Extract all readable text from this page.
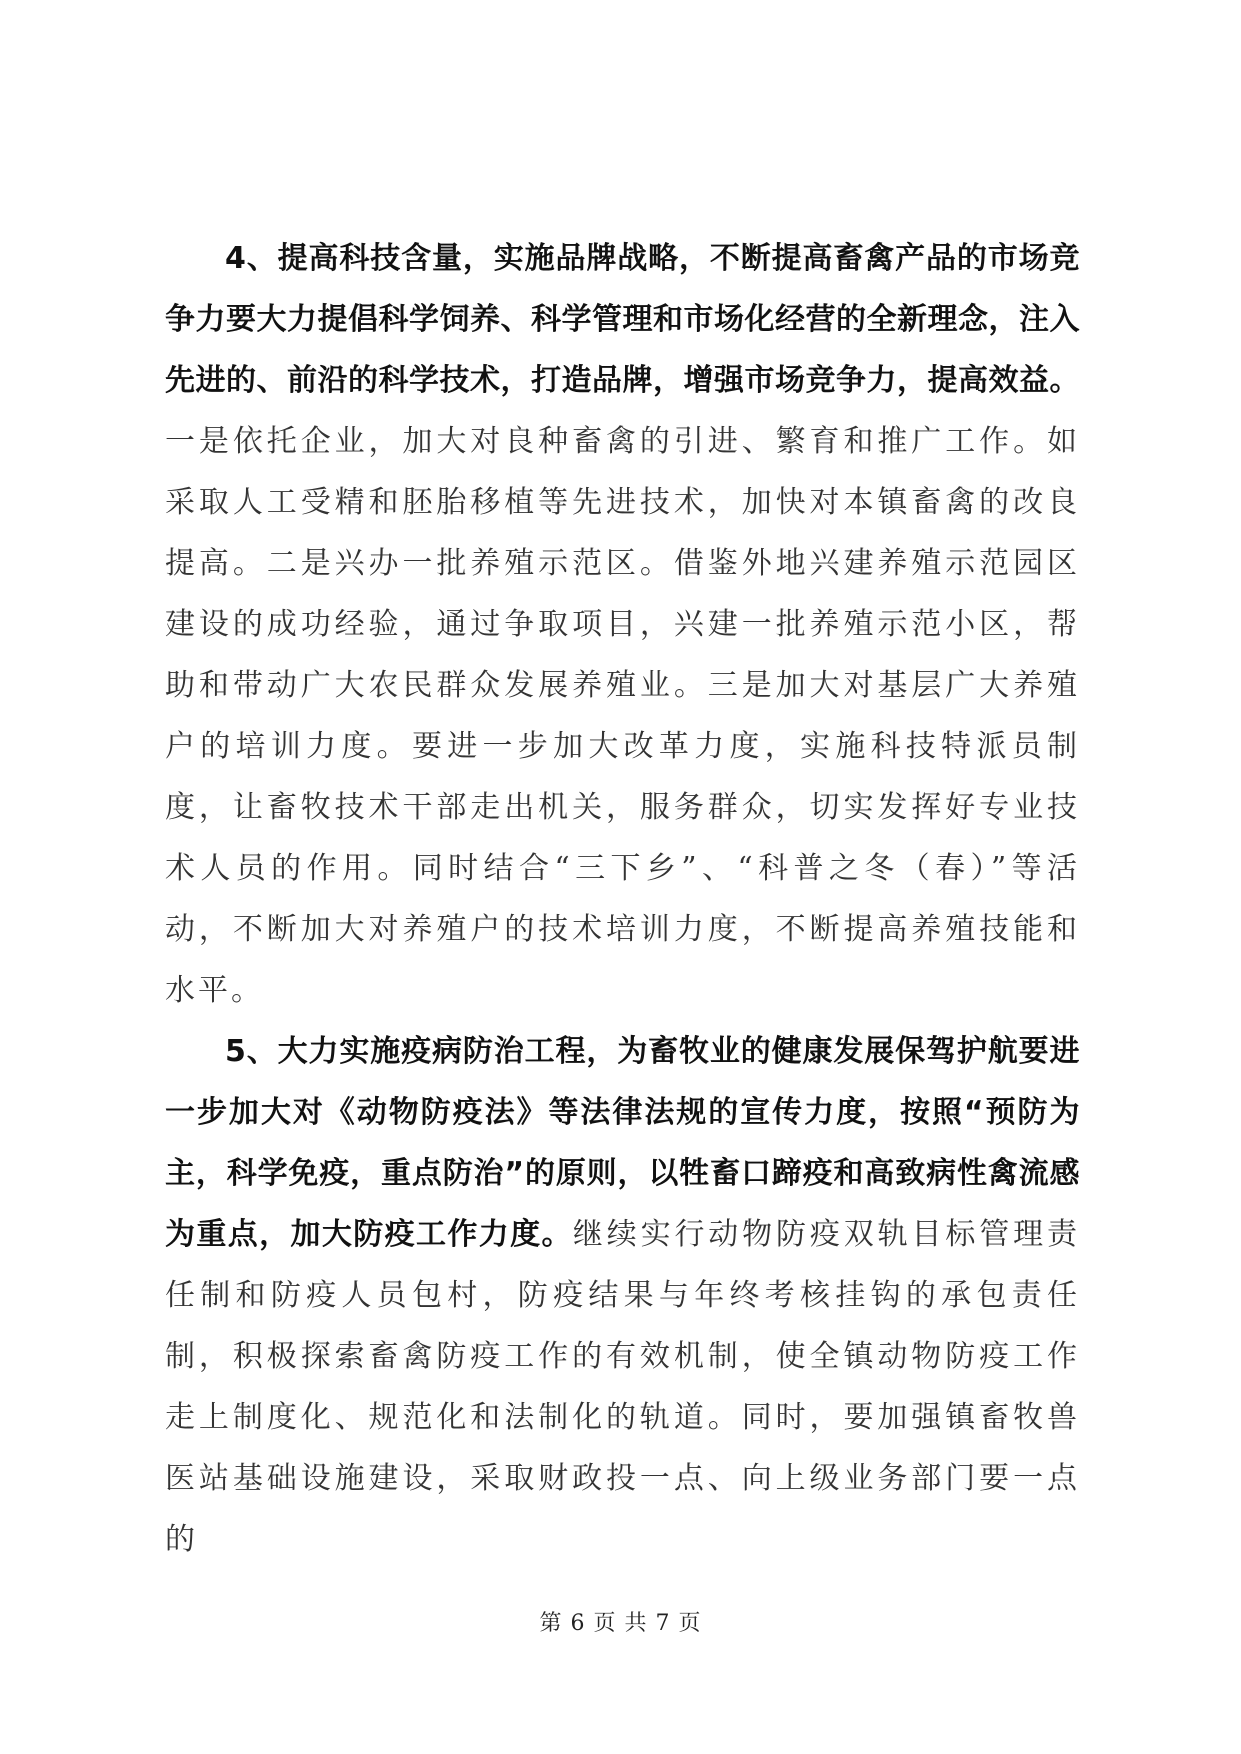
4、提高科技含量，实施品牌战略，不断提高畜禽产品的市场竞争力要大力提倡科学饲养、科学管理和市场化经营的全新理念，注入先进的、前沿的科学技术，打造品牌，增强市场竞争力，提高效益。一是依托企业，加大对良种畜禽的引进、繁育和推广工作。如采取人工受精和胚胎移植等先进技术，加快对本镇畜禽的改良提高。二是兴办一批养殖示范区。借鉴外地兴建养殖示范园区建设的成功经验，通过争取项目，兴建一批养殖示范小区，帮助和带动广大农民群众发展养殖业。三是加大对基层广大养殖户的培训力度。要进一步加大改革力度，实施科技特派员制度，让畜牧技术干部走出机关，服务群众，切实发挥好专业技术人员的作用。同时结合“三下乡”、“科普之冬（春）”等活动，不断加大对养殖户的技术培训力度，不断提高养殖技能和水平。

5、大力实施疫病防治工程，为畜牧业的健康发展保驾护航要进一步加大对《动物防疫法》等法律法规的宣传力度，按照“预防为主，科学免疫，重点防治”的原则，以牲畜口蹄疫和高致病性禽流感为重点，加大防疫工作力度。继续实行动物防疫双轨目标管理责任制和防疫人员包村，防疫结果与年终考核挂钩的承包责任制，积极探索畜禽防疫工作的有效机制，使全镇动物防疫工作走上制度化、规范化和法制化的轨道。同时，要加强镇畜牧兽医站基础设施建设，采取财政投一点、向上级业务部门要一点的

第 6 页 共 7 页
